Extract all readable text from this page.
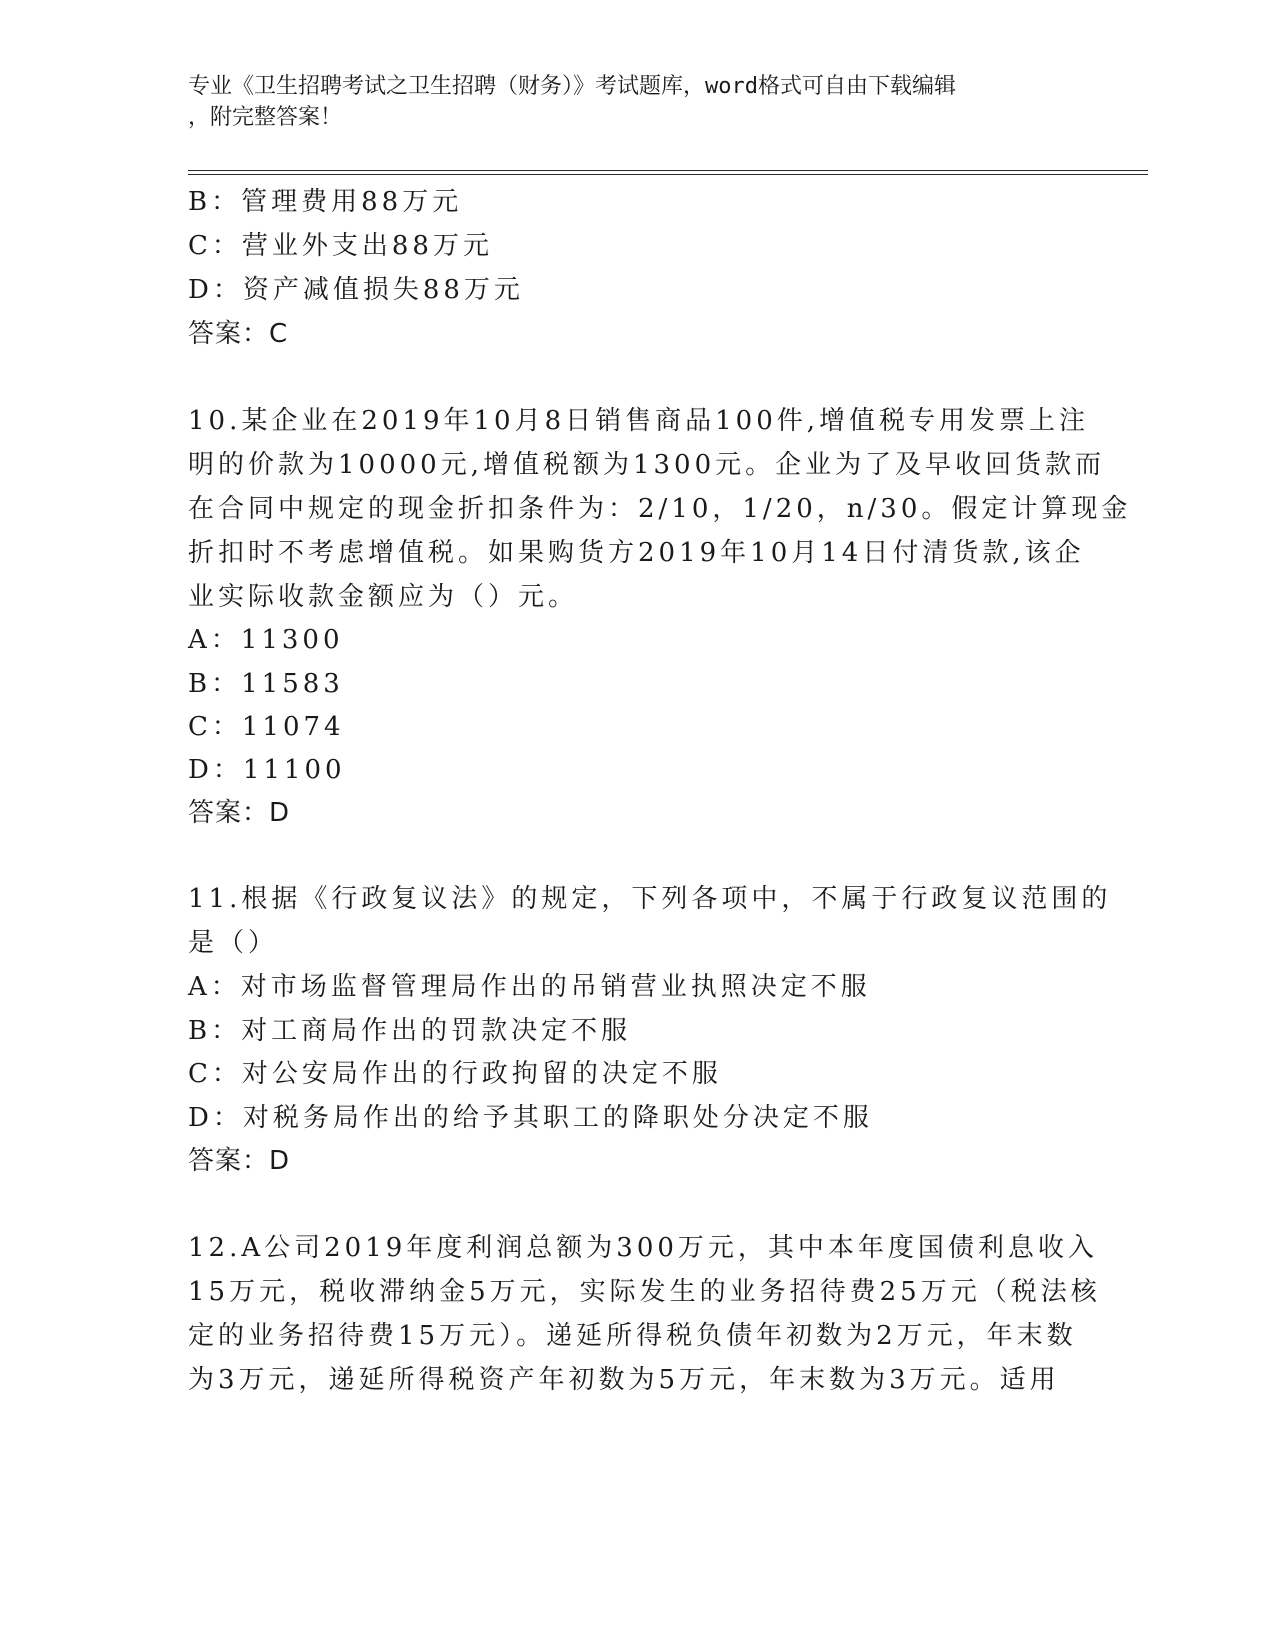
专业《卫生招聘考试之卫生招聘（财务）》考试题库，word格式可自由下载编辑
，附完整答案！
B：管理费用88万元
C：营业外支出88万元
D：资产减值损失88万元
答案：C
10.某企业在2019年10月8日销售商品100件,增值税专用发票上注
明的价款为10000元,增值税额为1300元。企业为了及早收回货款而
在合同中规定的现金折扣条件为：2/10，1/20，n/30。假定计算现金
折扣时不考虑增值税。如果购货方2019年10月14日付清货款,该企
业实际收款金额应为（）元。
A：11300
B：11583
C：11074
D：11100
答案：D
11.根据《行政复议法》的规定，下列各项中，不属于行政复议范围的
是（）
A：对市场监督管理局作出的吊销营业执照决定不服
B：对工商局作出的罚款决定不服
C：对公安局作出的行政拘留的决定不服
D：对税务局作出的给予其职工的降职处分决定不服
答案：D
12.A公司2019年度利润总额为300万元，其中本年度国债利息收入
15万元，税收滞纳金5万元，实际发生的业务招待费25万元（税法核
定的业务招待费15万元）。递延所得税负债年初数为2万元，年末数
为3万元，递延所得税资产年初数为5万元，年末数为3万元。适用
